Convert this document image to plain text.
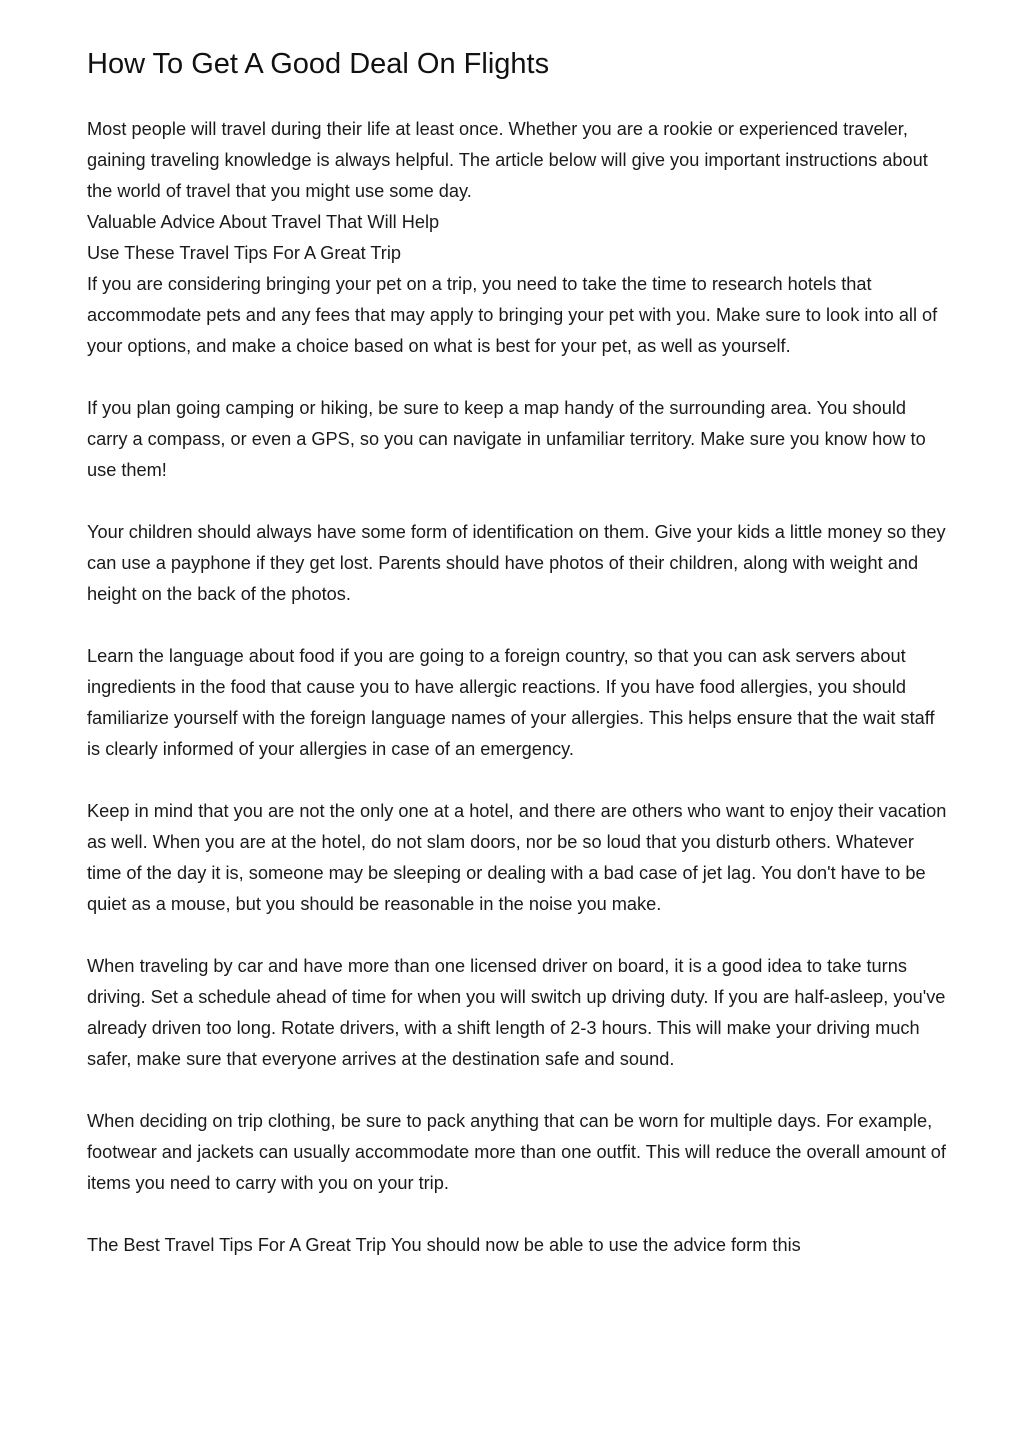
How To Get A Good Deal On Flights

Most people will travel during their life at least once. Whether you are a rookie or experienced traveler, gaining traveling knowledge is always helpful. The article below will give you important instructions about the world of travel that you might use some day.

Valuable Advice About Travel That Will Help

Use These Travel Tips For A Great Trip

If you are considering bringing your pet on a trip, you need to take the time to research hotels that accommodate pets and any fees that may apply to bringing your pet with you. Make sure to look into all of your options, and make a choice based on what is best for your pet, as well as yourself.

If you plan going camping or hiking, be sure to keep a map handy of the surrounding area. You should carry a compass, or even a GPS, so you can navigate in unfamiliar territory. Make sure you know how to use them!

Your children should always have some form of identification on them. Give your kids a little money so they can use a payphone if they get lost. Parents should have photos of their children, along with weight and height on the back of the photos.

Learn the language about food if you are going to a foreign country, so that you can ask servers about ingredients in the food that cause you to have allergic reactions. If you have food allergies, you should familiarize yourself with the foreign language names of your allergies. This helps ensure that the wait staff is clearly informed of your allergies in case of an emergency.

Keep in mind that you are not the only one at a hotel, and there are others who want to enjoy their vacation as well. When you are at the hotel, do not slam doors, nor be so loud that you disturb others. Whatever time of the day it is, someone may be sleeping or dealing with a bad case of jet lag. You don't have to be quiet as a mouse, but you should be reasonable in the noise you make.

When traveling by car and have more than one licensed driver on board, it is a good idea to take turns driving. Set a schedule ahead of time for when you will switch up driving duty. If you are half-asleep, you've already driven too long. Rotate drivers, with a shift length of 2-3 hours. This will make your driving much safer, make sure that everyone arrives at the destination safe and sound.

When deciding on trip clothing, be sure to pack anything that can be worn for multiple days. For example, footwear and jackets can usually accommodate more than one outfit. This will reduce the overall amount of items you need to carry with you on your trip.

The Best Travel Tips For A Great Trip You should now be able to use the advice form this
